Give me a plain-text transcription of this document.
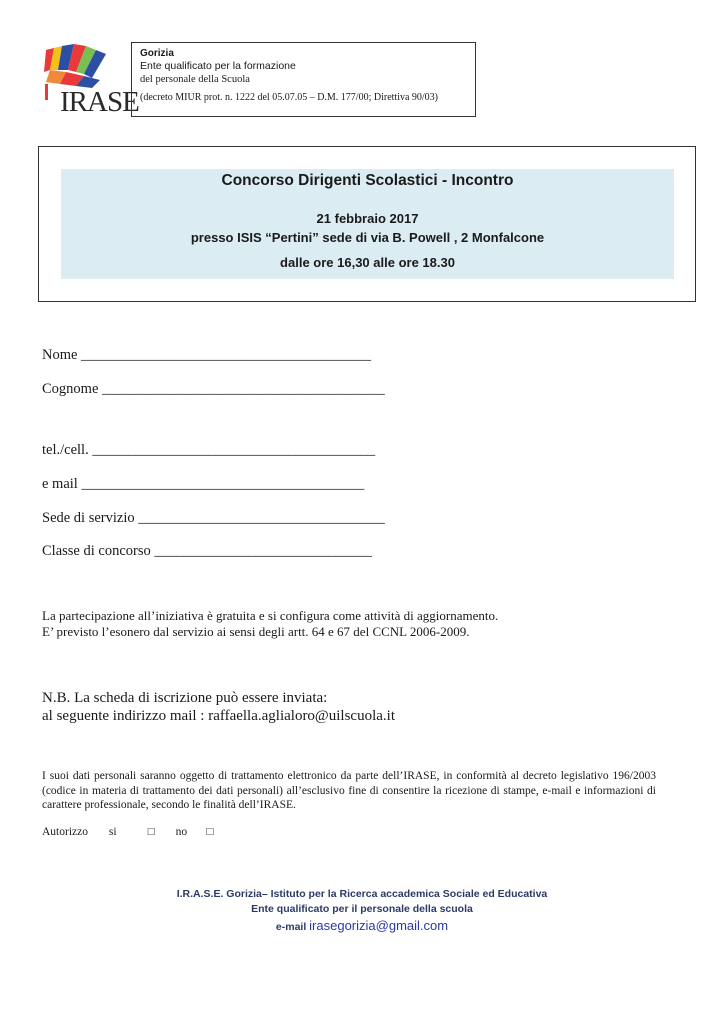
IRASE
Gorizia
Ente qualificato per la formazione
del personale della Scuola
(decreto MIUR prot. n. 1222 del 05.07.05 – D.M. 177/00; Direttiva 90/03)
Concorso Dirigenti Scolastici - Incontro
21 febbraio 2017
presso ISIS “Pertini” sede di via B. Powell , 2 Monfalcone
dalle ore 16,30 alle ore 18.30
Nome ________________________________________
Cognome _______________________________________
tel./cell. _______________________________________
e mail _______________________________________
Sede di servizio __________________________________
Classe di concorso ______________________________
La partecipazione all’iniziativa è gratuita e si configura come attività di aggiornamento.
E’ previsto l’esonero dal servizio ai sensi degli artt. 64 e 67 del CCNL 2006-2009.
N.B. La scheda di iscrizione può essere inviata:
al seguente indirizzo mail : raffaella.aglialoro@uilscuola.it
I suoi dati personali saranno oggetto di trattamento elettronico da parte dell’IRASE, in conformità al decreto legislativo 196/2003 (codice in materia di trattamento dei dati personali) all’esclusivo fine di consentire la ricezione di stampe, e-mail e informazioni di carattere professionale, secondo le finalità dell’IRASE.
Autorizzo si	□ no □
I.R.A.S.E. Gorizia– Istituto per la Ricerca accademica Sociale ed Educativa
Ente qualificato per il personale della scuola
e-mail irasegorizia@gmail.com
